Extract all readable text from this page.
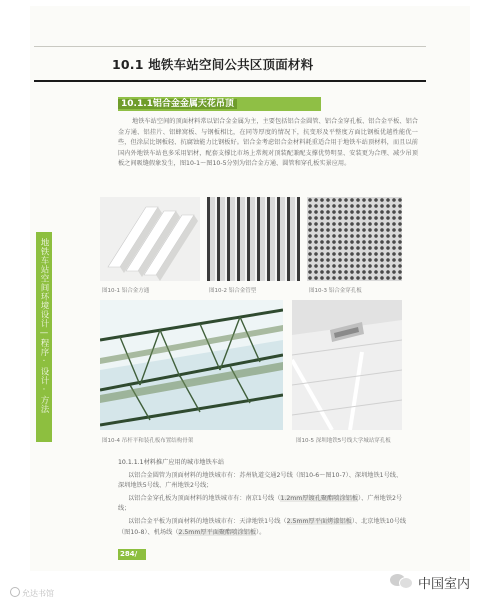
10.1 地铁车站空间公共区顶面材料
地铁车站空间环境设计—程序·设计·方法
10.1.1铝合金金属天花吊顶

地铁车站空间的顶面材料常以铝合金金属为主，主要包括铝合金圆管、铝合金穿孔板、铝合金平板、铝合金方通、铝挂片、铝蜂窝板、与钢板相比，在同等厚度的情况下，抗变形及平整度方面比钢板优越性能优一些，但涂层比钢板轻、抗腐蚀能力比钢板好。铝合金考虑铝合金材料耗重适合用于地铁车站顶材料，而且以前国内外地铁车站也多采用铝材，配套支撑比市场上常规对顶装配兼配支撑优势明显、安装更为合理、减少吊顶板之间吸缝假象发生，图10-1～图10-5分别为铝合金方通、圆管和穿孔板实景应用。

图10-1 铝合金方通	图10-2 铝合金管型	图10-3 铝合金穿孔板
图10-4 吊杆平和装孔板布置结构骨架	图10-5 深圳地铁5号线大学城站穿孔板

10.1.1.1材料推广应用的城市地铁车站

以铝合金圆管为顶面材料的地铁城市有：苏州轨道交通2号线（图10-6～图10-7）、深圳地铁1号线、深圳地铁5号线、广州地铁2号线；

以铝合金穿孔板为顶面材料的地铁城市有：南京1号线（1.2mm厚镀孔聚酯喷涂铝板）、广州地铁2号线；

以铝合金平板为顶面材料的地铁城市有：天津地铁1号线（2.5mm厚平面烤漆铝板）、北京地铁10号线（图10-8）、机场线（2.5mm厚平面聚酯喷涂铝板）。

284/
允达书馆
中国室内
